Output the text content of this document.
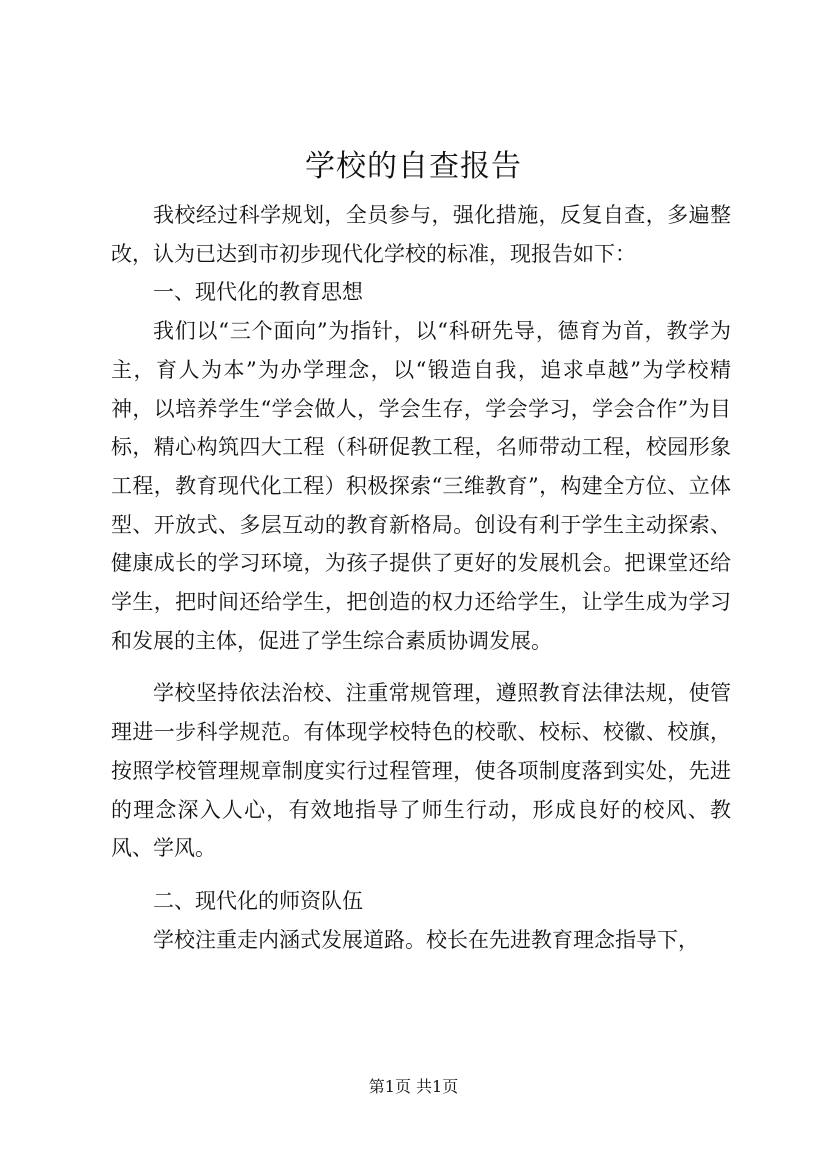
学校的自查报告

我校经过科学规划，全员参与，强化措施，反复自查，多遍整改，认为已达到市初步现代化学校的标准，现报告如下：

一、现代化的教育思想

我们以“三个面向”为指针，以“科研先导，德育为首，教学为主，育人为本”为办学理念，以“锻造自我，追求卓越”为学校精神，以培养学生“学会做人，学会生存，学会学习，学会合作”为目标，精心构筑四大工程（科研促教工程，名师带动工程，校园形象工程，教育现代化工程）积极探索“三维教育”，构建全方位、立体型、开放式、多层互动的教育新格局。创设有利于学生主动探索、健康成长的学习环境，为孩子提供了更好的发展机会。把课堂还给学生，把时间还给学生，把创造的权力还给学生，让学生成为学习和发展的主体，促进了学生综合素质协调发展。

学校坚持依法治校、注重常规管理，遵照教育法律法规，使管理进一步科学规范。有体现学校特色的校歌、校标、校徽、校旗，按照学校管理规章制度实行过程管理，使各项制度落到实处，先进的理念深入人心，有效地指导了师生行动，形成良好的校风、教风、学风。

二、现代化的师资队伍

学校注重走内涵式发展道路。校长在先进教育理念指导下，

第1页 共1页
